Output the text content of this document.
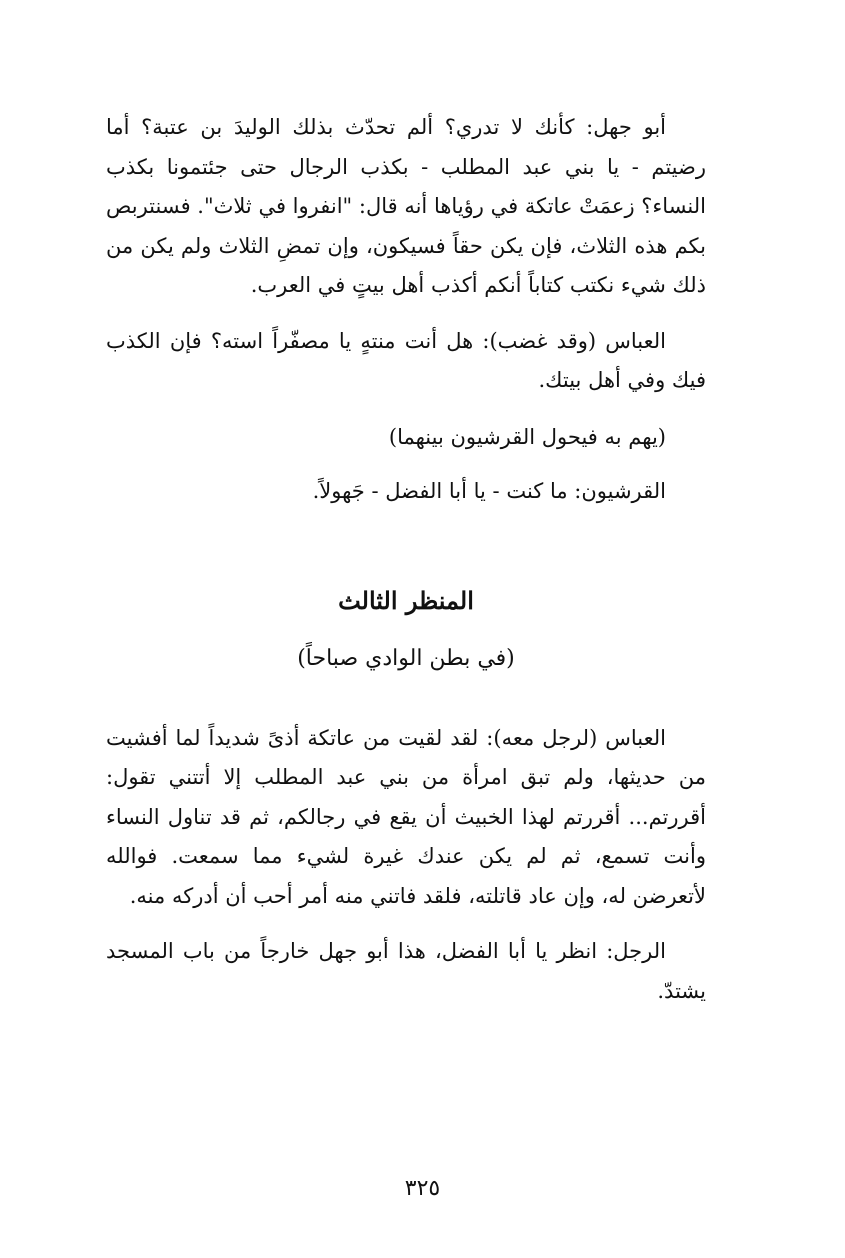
أبو جهل: كأنك لا تدري؟ ألم تحدّث بذلك الوليدَ بن عتبة؟ أما رضيتم - يا بني عبد المطلب - بكذب الرجال حتى جئتمونا بكذب النساء؟ زعمَتْ عاتكة في رؤياها أنه قال: "انفروا في ثلاث". فسنتربص بكم هذه الثلاث، فإن يكن حقاً فسيكون، وإن تمضِ الثلاث ولم يكن من ذلك شيء نكتب كتاباً أنكم أكذب أهل بيتٍ في العرب.

العباس (وقد غضب): هل أنت منتهٍ يا مصفّراً استه؟ فإن الكذب فيك وفي أهل بيتك.

(يهم به فيحول القرشيون بينهما)

القرشيون: ما كنت - يا أبا الفضل - جَهولاً.

المنظر الثالث
(في بطن الوادي صباحاً)

العباس (لرجل معه): لقد لقيت من عاتكة أذىً شديداً لما أفشيت من حديثها، ولم تبق امرأة من بني عبد المطلب إلا أتتني تقول: أقررتم... أقررتم لهذا الخبيث أن يقع في رجالكم، ثم قد تناول النساء وأنت تسمع، ثم لم يكن عندك غيرة لشيء مما سمعت. فوالله لأتعرضن له، وإن عاد قاتلته، فلقد فاتني منه أمر أحب أن أدركه منه.

الرجل: انظر يا أبا الفضل، هذا أبو جهل خارجاً من باب المسجد يشتدّ.

٣٢٥
